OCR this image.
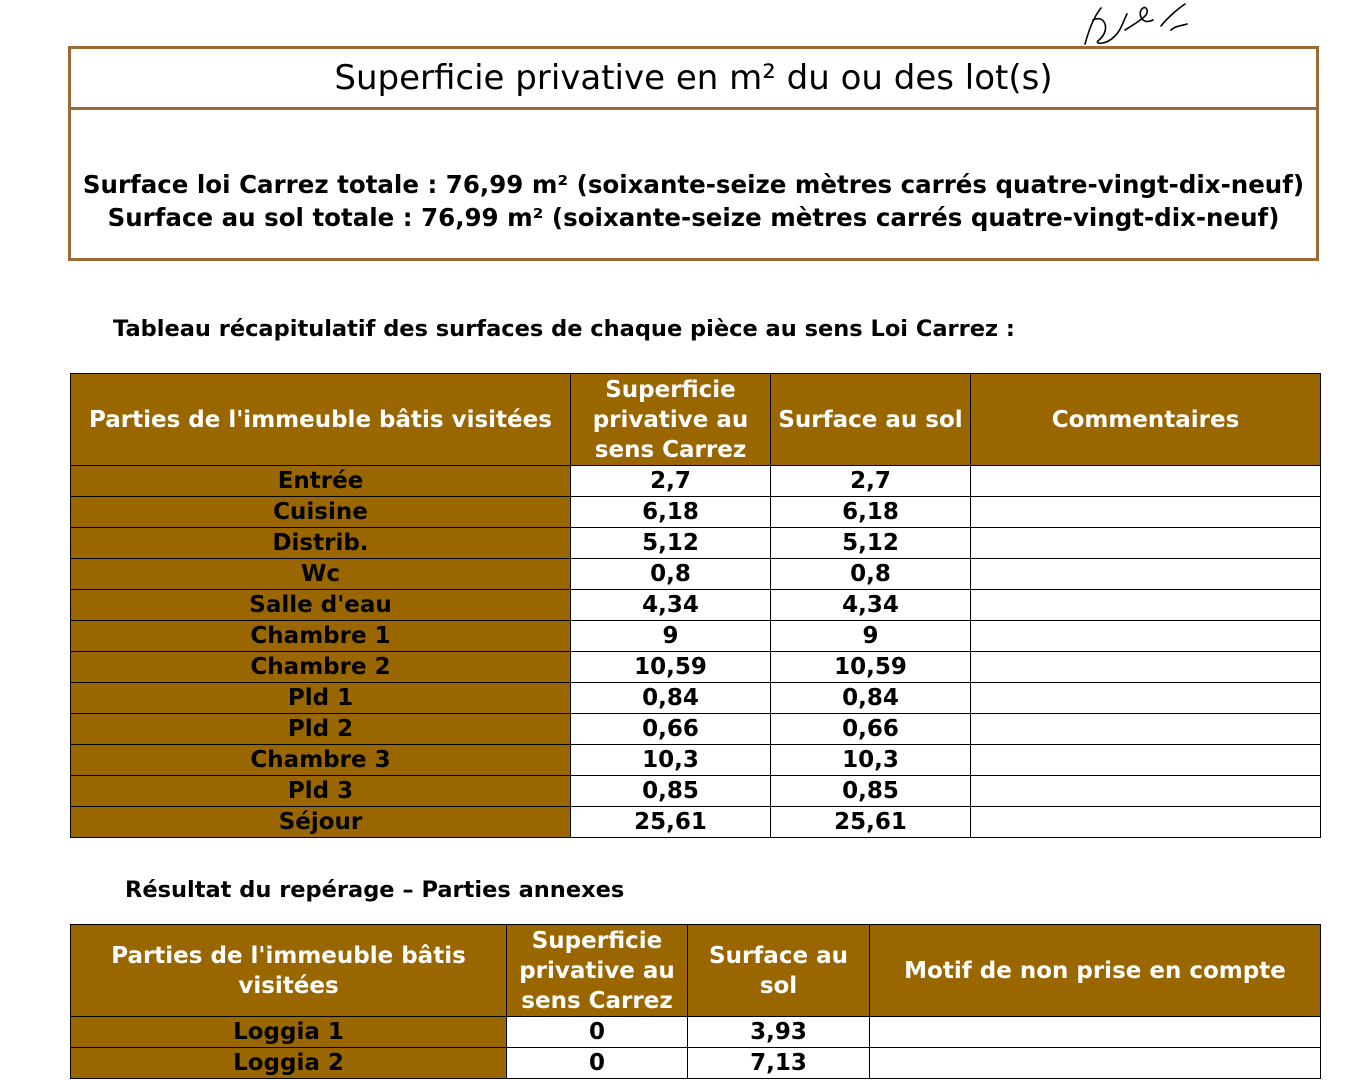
Superficie privative en m² du ou des lot(s)
Surface loi Carrez totale : 76,99 m² (soixante-seize mètres carrés quatre-vingt-dix-neuf)
Surface au sol totale : 76,99 m² (soixante-seize mètres carrés quatre-vingt-dix-neuf)
Tableau récapitulatif des surfaces de chaque pièce au sens Loi Carrez :
Parties de l'immeuble bâtis visitées	Superficie privative au sens Carrez	Surface au sol	Commentaires
Entrée	2,7	2,7	
Cuisine	6,18	6,18	
Distrib.	5,12	5,12	
Wc	0,8	0,8	
Salle d'eau	4,34	4,34	
Chambre 1	9	9	
Chambre 2	10,59	10,59	
Pld 1	0,84	0,84	
Pld 2	0,66	0,66	
Chambre 3	10,3	10,3	
Pld 3	0,85	0,85	
Séjour	25,61	25,61	
Résultat du repérage – Parties annexes
Parties de l'immeuble bâtis visitées	Superficie privative au sens Carrez	Surface au sol	Motif de non prise en compte
Loggia 1	0	3,93	
Loggia 2	0	7,13	
